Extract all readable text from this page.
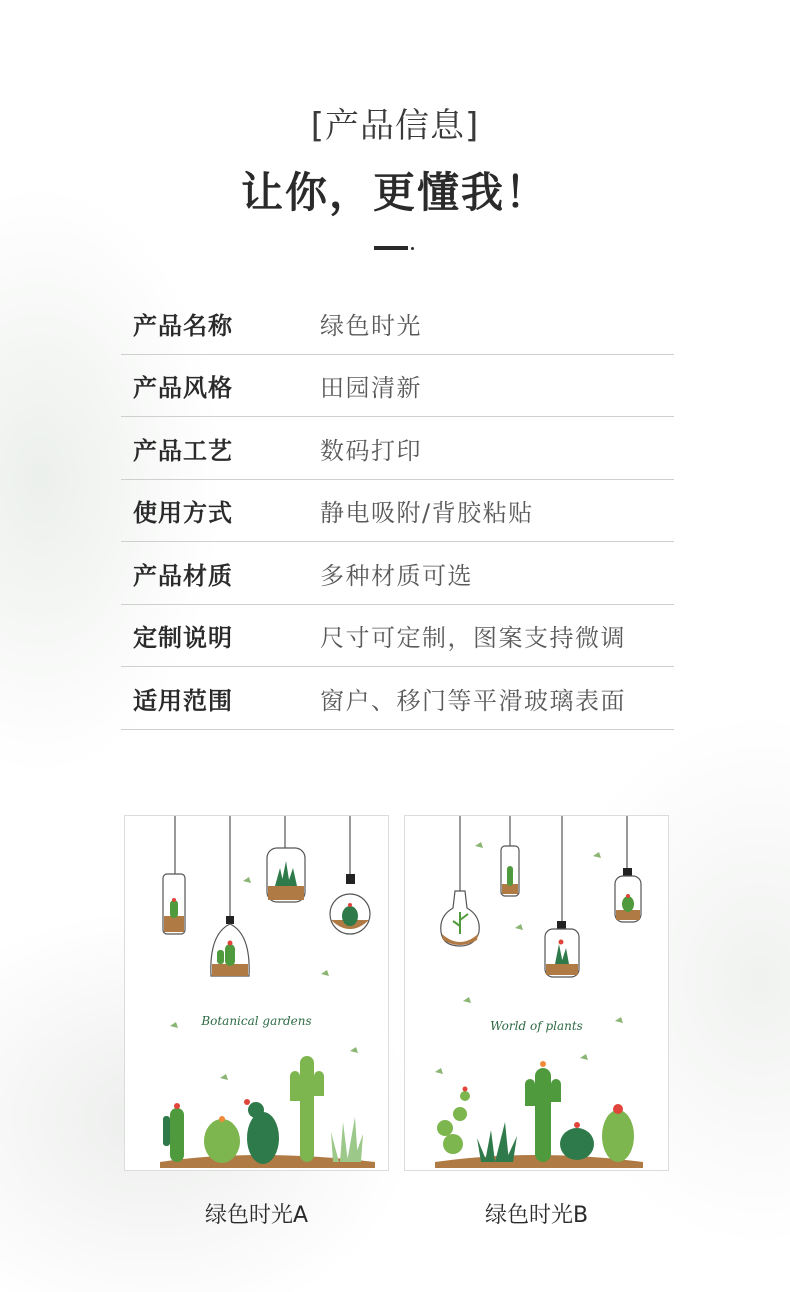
[产品信息]
让你，更懂我！
产品名称	绿色时光
产品风格	田园清新
产品工艺	数码打印
使用方式	静电吸附/背胶粘贴
产品材质	多种材质可选
定制说明	尺寸可定制，图案支持微调
适用范围	窗户、移门等平滑玻璃表面
Botanical gardens	World of plants
绿色时光A	绿色时光B
